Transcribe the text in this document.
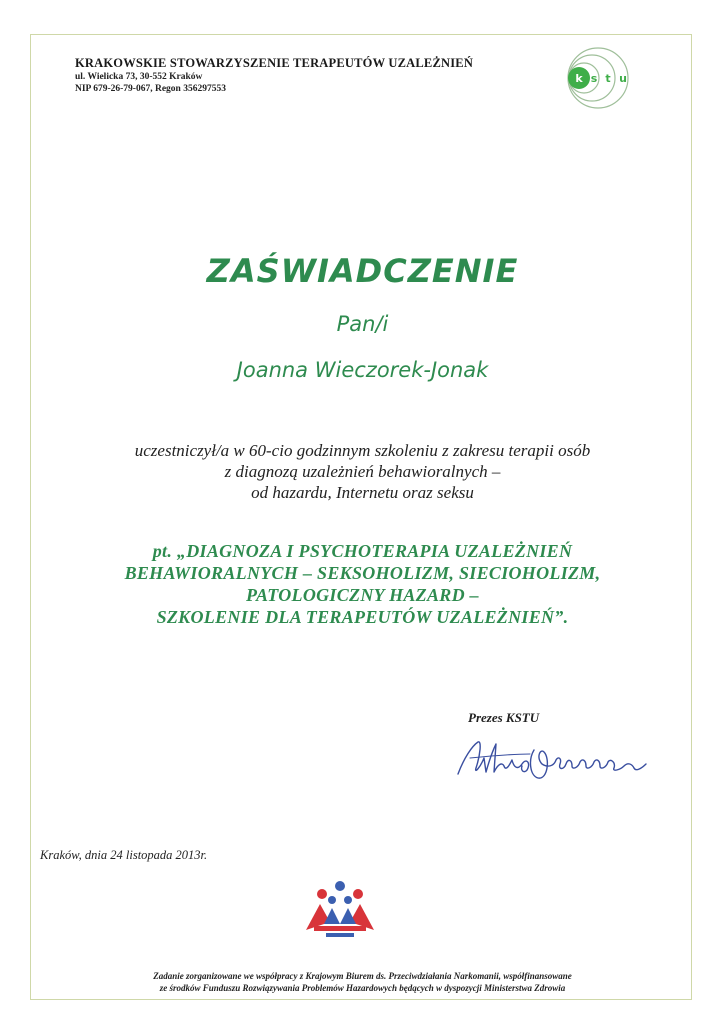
KRAKOWSKIE STOWARZYSZENIE TERAPEUTÓW UZALEŻNIEŃ
ul. Wielicka 73, 30-552 Kraków
NIP 679-26-79-067, Regon 356297553
k s t u
ZAŚWIADCZENIE
Pan/i
Joanna Wieczorek-Jonak
uczestniczył/a w 60-cio godzinnym szkoleniu z zakresu terapii osób
z diagnozą uzależnień behawioralnych –
od hazardu, Internetu oraz seksu
pt. „DIAGNOZA I PSYCHOTERAPIA UZALEŻNIEŃ
BEHAWIORALNYCH – SEKSOHOLIZM, SIECIOHOLIZM,
PATOLOGICZNY HAZARD –
SZKOLENIE DLA TERAPEUTÓW UZALEŻNIEŃ”.
Prezes KSTU
Kraków, dnia 24 listopada 2013r.
Zadanie zorganizowane we współpracy z Krajowym Biurem ds. Przeciwdziałania Narkomanii, współfinansowane
ze środków Funduszu Rozwiązywania Problemów Hazardowych będących w dyspozycji Ministerstwa Zdrowia
